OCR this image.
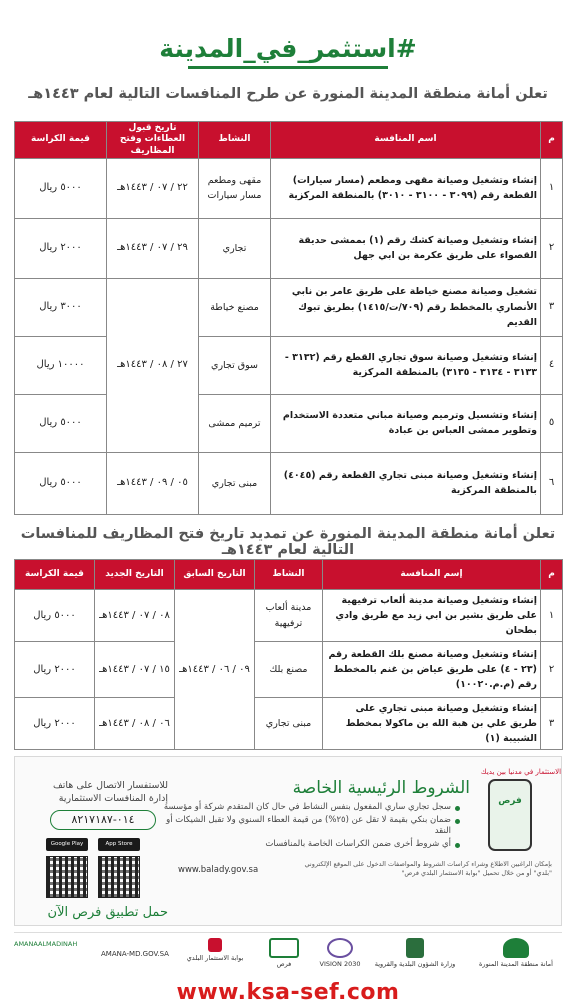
#استثمر_في_المدينة
تعلن أمانة منطقة المدينة المنورة عن طرح المنافسات التالية لعام ١٤٤٣هـ
م	اسم المنافسة	النشاط	تاريخ قبول العطاءات وفتح المظاريف	قيمة الكراسة
١	إنشاء وتشغيل وصيانة مقهى ومطعم (مسار سيارات) القطعة رقم (٣٠٩٩ - ٣١٠٠ - ٣٠١٠) بالمنطقة المركزية	مقهى ومطعم مسار سيارات	٢٢ / ٠٧ / ١٤٤٣هـ	٥٠٠٠ ريال
٢	إنشاء وتشغيل وصيانة كشك رقم (١) بممشى حديقة القصواء على طريق عكرمة بن ابي جهل	تجاري	٢٩ / ٠٧ / ١٤٤٣هـ	٢٠٠٠ ريال
٣	تشغيل وصيانة مصنع خياطة على طريق عامر بن نابي الأنصاري بالمخطط رقم (٧٠٩/ت/١٤١٥) بطريق تبوك القديم	مصنع خياطة	٢٧ / ٠٨ / ١٤٤٣هـ	٣٠٠٠ ريال
٤	إنشاء وتشغيل وصيانة سوق تجاري القطع رقم (٣١٣٢ - ٣١٣٣ - ٣١٣٤ - ٣١٣٥) بالمنطقة المركزية	سوق تجاري		١٠٠٠٠ ريال
٥	إنشاء وتشسيل وترميم وصيانة مباني متعددة الاستخدام وتطوير ممشى العباس بن عبادة	ترميم ممشى		٥٠٠٠ ريال
٦	إنشاء وتشغيل وصيانة مبنى تجاري القطعة رقم (٤٠٤٥) بالمنطقة المركزية	مبنى تجاري	٠٥ / ٠٩ / ١٤٤٣هـ	٥٠٠٠ ريال
تعلن أمانة منطقة المدينة المنورة عن تمديد تاريخ فتح المظاريف للمنافسات التالية لعام ١٤٤٣هـ
م	إسم المنافسة	النشاط	التاريخ السابق	التاريخ الجديد	قيمة الكراسة
١	إنشاء وتشغيل وصيانة مدينة ألعاب ترفيهية على طريق بشير بن ابي زيد مع طريق وادي بطحان	مدينة ألعاب ترفيهية	٠٩ / ٠٦ / ١٤٤٣هـ	٠٨ / ٠٧ / ١٤٤٣هـ	٥٠٠٠ ريال
٢	إنشاء وتشغيل وصيانة مصنع بلك القطعة رقم (٢٣ - ٤) على طريق عياض بن غنم بالمخطط رقم (م.م.١٠٠٢٠)	مصنع بلك		١٥ / ٠٧ / ١٤٤٣هـ	٢٠٠٠ ريال
٣	إنشاء وتشغيل وصيانة مبنى تجاري على طريق علي بن هبة الله بن ماكولا بمخطط الشبيبة (١)	مبنى تجاري		٠٦ / ٠٨ / ١٤٤٣هـ	٢٠٠٠ ريال
الاستثمار في مدنيا بين يديك
فرص
الشروط الرئيسية الخاصة
سجل تجاري ساري المفعول بنفس النشاط في حال كان المتقدم شركة أو مؤسسة
ضمان بنكي بقيمة لا تقل عن (٢٥%) من قيمة العطاء السنوي ولا تقبل الشيكات أو النقد
أي شروط أخرى ضمن الكراسات الخاصة بالمنافسات
للاستفسار الاتصال على هاتف
إدارة المنافسات الاستثمارية
٠١٤-٨٢١٧١٨٧
Google Play	App Store
حمل تطبيق فرص الآن
www.balady.gov.sa
بإمكان الراغبين الاطلاع وشراء كراسات الشروط والمواصفات الدخول على الموقع الإلكتروني "بلدي" أو من خلال تحميل "بوابة الاستثمار البلدي فرص"
أمانة منطقة المدينة المنورة
وزارة الشؤون البلدية والقروية
VISION 2030
فرص
بوابة الاستثمار البلدي
AMANA-MD.GOV.SA
AMANAALMADINAH
www.ksa-sef.com
